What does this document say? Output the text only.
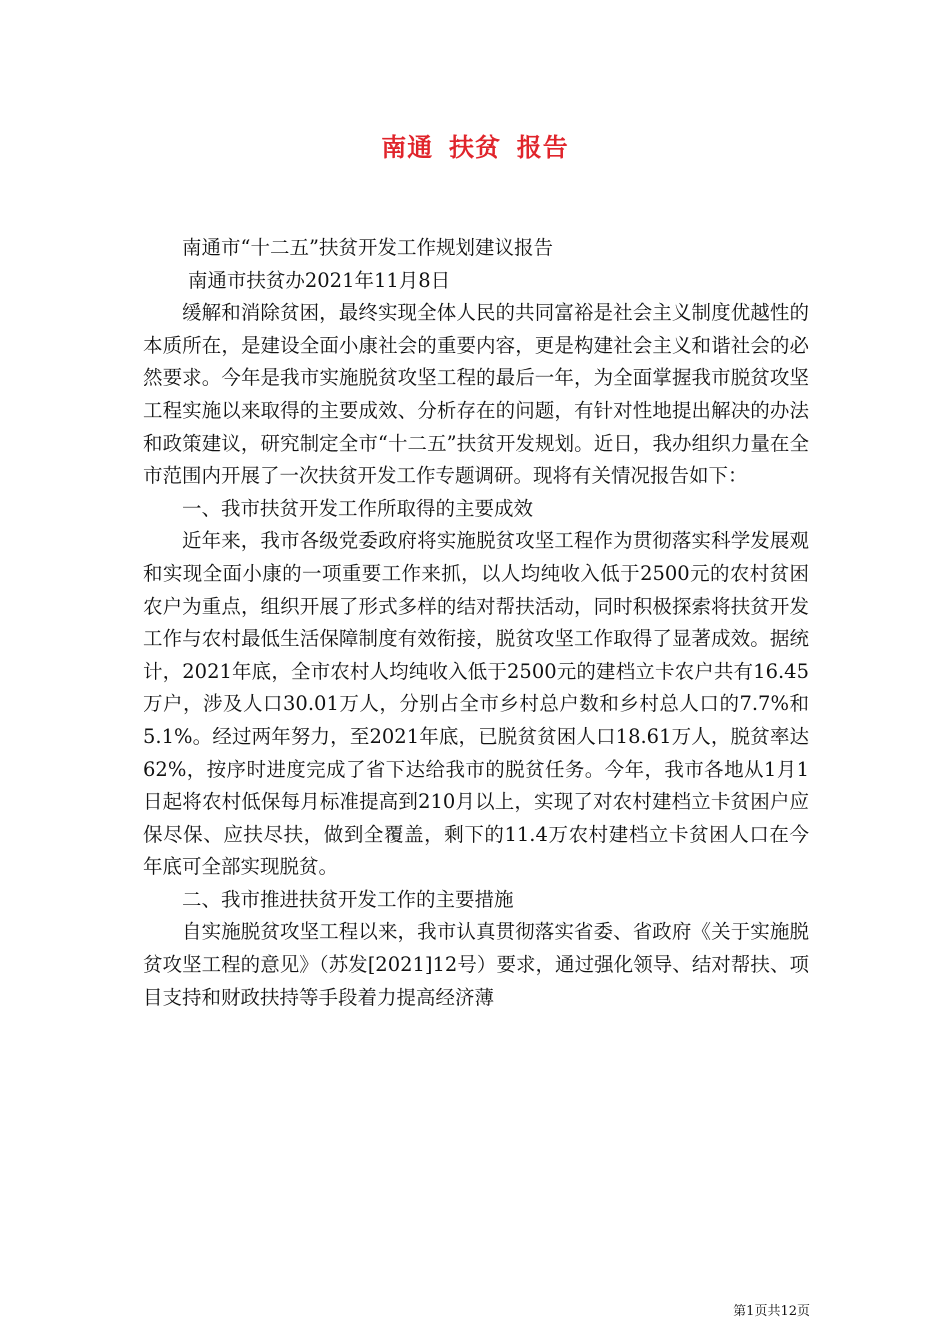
南通 扶贫 报告

南通市“十二五”扶贫开发工作规划建议报告

南通市扶贫办2021年11月8日

缓解和消除贫困，最终实现全体人民的共同富裕是社会主义制度优越性的本质所在，是建设全面小康社会的重要内容，更是构建社会主义和谐社会的必然要求。今年是我市实施脱贫攻坚工程的最后一年，为全面掌握我市脱贫攻坚工程实施以来取得的主要成效、分析存在的问题，有针对性地提出解决的办法和政策建议，研究制定全市“十二五”扶贫开发规划。近日，我办组织力量在全市范围内开展了一次扶贫开发工作专题调研。现将有关情况报告如下：

一、我市扶贫开发工作所取得的主要成效

近年来，我市各级党委政府将实施脱贫攻坚工程作为贯彻落实科学发展观和实现全面小康的一项重要工作来抓，以人均纯收入低于2500元的农村贫困农户为重点，组织开展了形式多样的结对帮扶活动，同时积极探索将扶贫开发工作与农村最低生活保障制度有效衔接，脱贫攻坚工作取得了显著成效。据统计，2021年底，全市农村人均纯收入低于2500元的建档立卡农户共有16.45万户，涉及人口30.01万人，分别占全市乡村总户数和乡村总人口的7.7%和5.1%。经过两年努力，至2021年底，已脱贫贫困人口18.61万人，脱贫率达62%，按序时进度完成了省下达给我市的脱贫任务。今年，我市各地从1月1日起将农村低保每月标准提高到210月以上，实现了对农村建档立卡贫困户应保尽保、应扶尽扶，做到全覆盖，剩下的11.4万农村建档立卡贫困人口在今年底可全部实现脱贫。

二、我市推进扶贫开发工作的主要措施

自实施脱贫攻坚工程以来，我市认真贯彻落实省委、省政府《关于实施脱贫攻坚工程的意见》（苏发[2021]12号）要求，通过强化领导、结对帮扶、项目支持和财政扶持等手段着力提高经济薄

第1页共12页
